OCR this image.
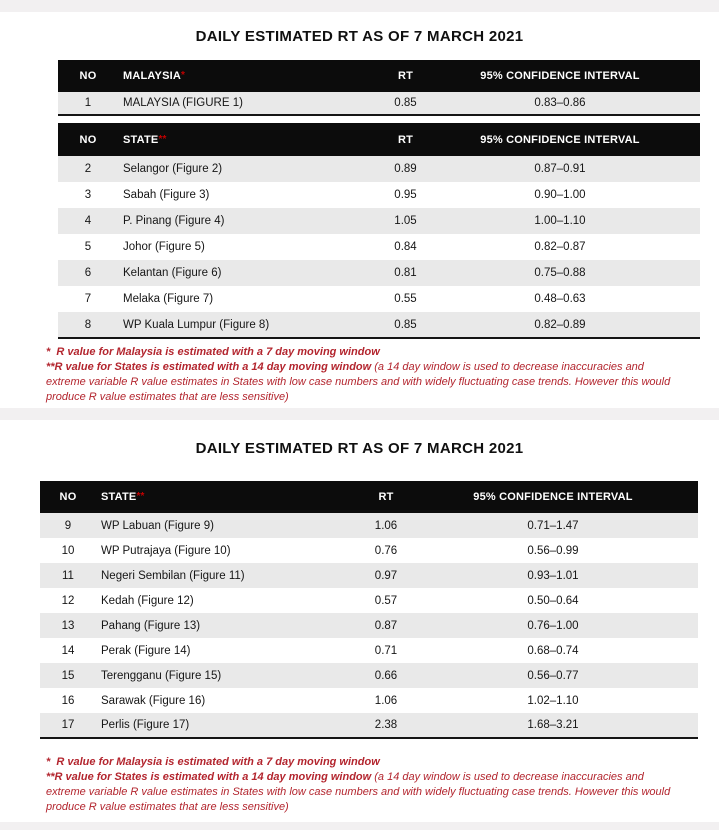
DAILY ESTIMATED RT AS OF 7 MARCH 2021
NO	MALAYSIA*	RT	95% CONFIDENCE INTERVAL
1	MALAYSIA (FIGURE 1)	0.85	0.83–0.86
NO	STATE**	RT	95% CONFIDENCE INTERVAL
2	Selangor (Figure 2)	0.89	0.87–0.91
3	Sabah (Figure 3)	0.95	0.90–1.00
4	P. Pinang (Figure 4)	1.05	1.00–1.10
5	Johor (Figure 5)	0.84	0.82–0.87
6	Kelantan (Figure 6)	0.81	0.75–0.88
7	Melaka (Figure 7)	0.55	0.48–0.63
8	WP Kuala Lumpur (Figure 8)	0.85	0.82–0.89

*  R value for Malaysia is estimated with a 7 day moving window

**R value for States is estimated with a 14 day moving window (a 14 day window is used to decrease inaccuracies and extreme variable R value estimates in States with low case numbers and with widely fluctuating case trends. However this would produce R value estimates that are less sensitive)

DAILY ESTIMATED RT AS OF 7 MARCH 2021
NO	STATE**	RT	95% CONFIDENCE INTERVAL
9	WP Labuan (Figure 9)	1.06	0.71–1.47
10	WP Putrajaya (Figure 10)	0.76	0.56–0.99
11	Negeri Sembilan (Figure 11)	0.97	0.93–1.01
12	Kedah (Figure 12)	0.57	0.50–0.64
13	Pahang (Figure 13)	0.87	0.76–1.00
14	Perak (Figure 14)	0.71	0.68–0.74
15	Terengganu (Figure 15)	0.66	0.56–0.77
16	Sarawak (Figure 16)	1.06	1.02–1.10
17	Perlis (Figure 17)	2.38	1.68–3.21

*  R value for Malaysia is estimated with a 7 day moving window

**R value for States is estimated with a 14 day moving window (a 14 day window is used to decrease inaccuracies and extreme variable R value estimates in States with low case numbers and with widely fluctuating case trends. However this would produce R value estimates that are less sensitive)
